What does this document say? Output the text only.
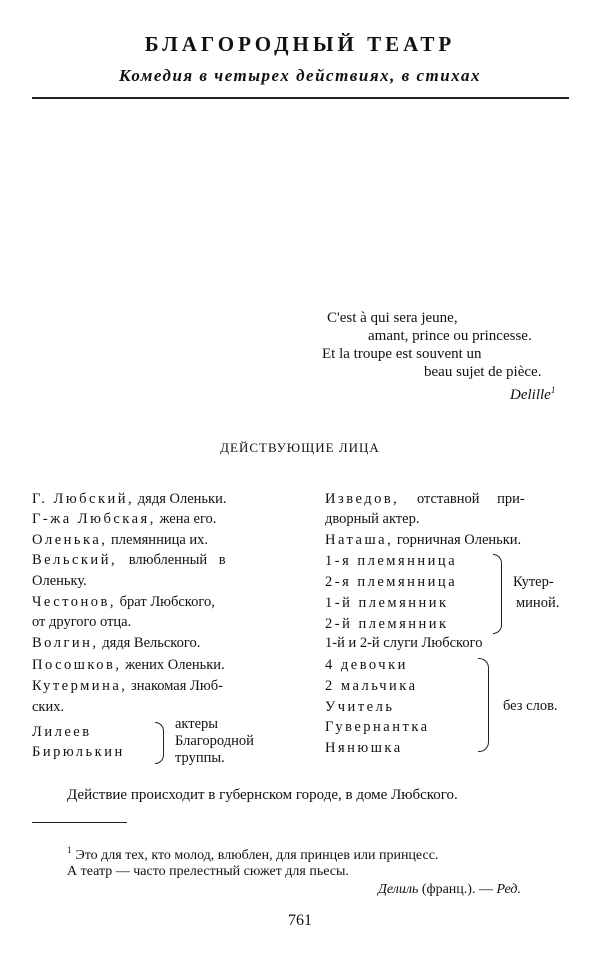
БЛАГОРОДНЫЙ ТЕАТР
Комедия в четырех действиях, в стихах
C'est à qui sera jeune,
amant, prince ou princesse.
Et la troupe est souvent un
beau sujet de pièce.
Delille$^1$
ДЕЙСТВУЮЩИЕ ЛИЦА
Г. Любский, дядя Оленьки.
Г-жа Любская, жена его.
Оленька, племянница их.
Вельский, влюбленный в
Оленьку.
Честонов, брат Любского,
от другого отца.
Волгин, дядя Вельского.
Посошков, жених Оленьки.
Кутермина, знакомая Люб-
ских.
Лилеев
Бирюлькин
актеры
Благородной
труппы.
Изведов, отставной при-
дворный актер.
Наташа, горничная Оленьки.
1-я племянница
2-я племянница
1-й племянник
2-й племянник
Кутер-
миной.
1-й и 2-й слуги Любского
4 девочки
2 мальчика
Учитель
Гувернантка
Нянюшка
без слов.
Действие происходит в губернском городе, в доме Любского.
$^1$ Это для тех, кто молод, влюблен, для принцев или принцесс.
А театр — часто прелестный сюжет для пьесы.
Делиль (франц.). — Ред.
761
